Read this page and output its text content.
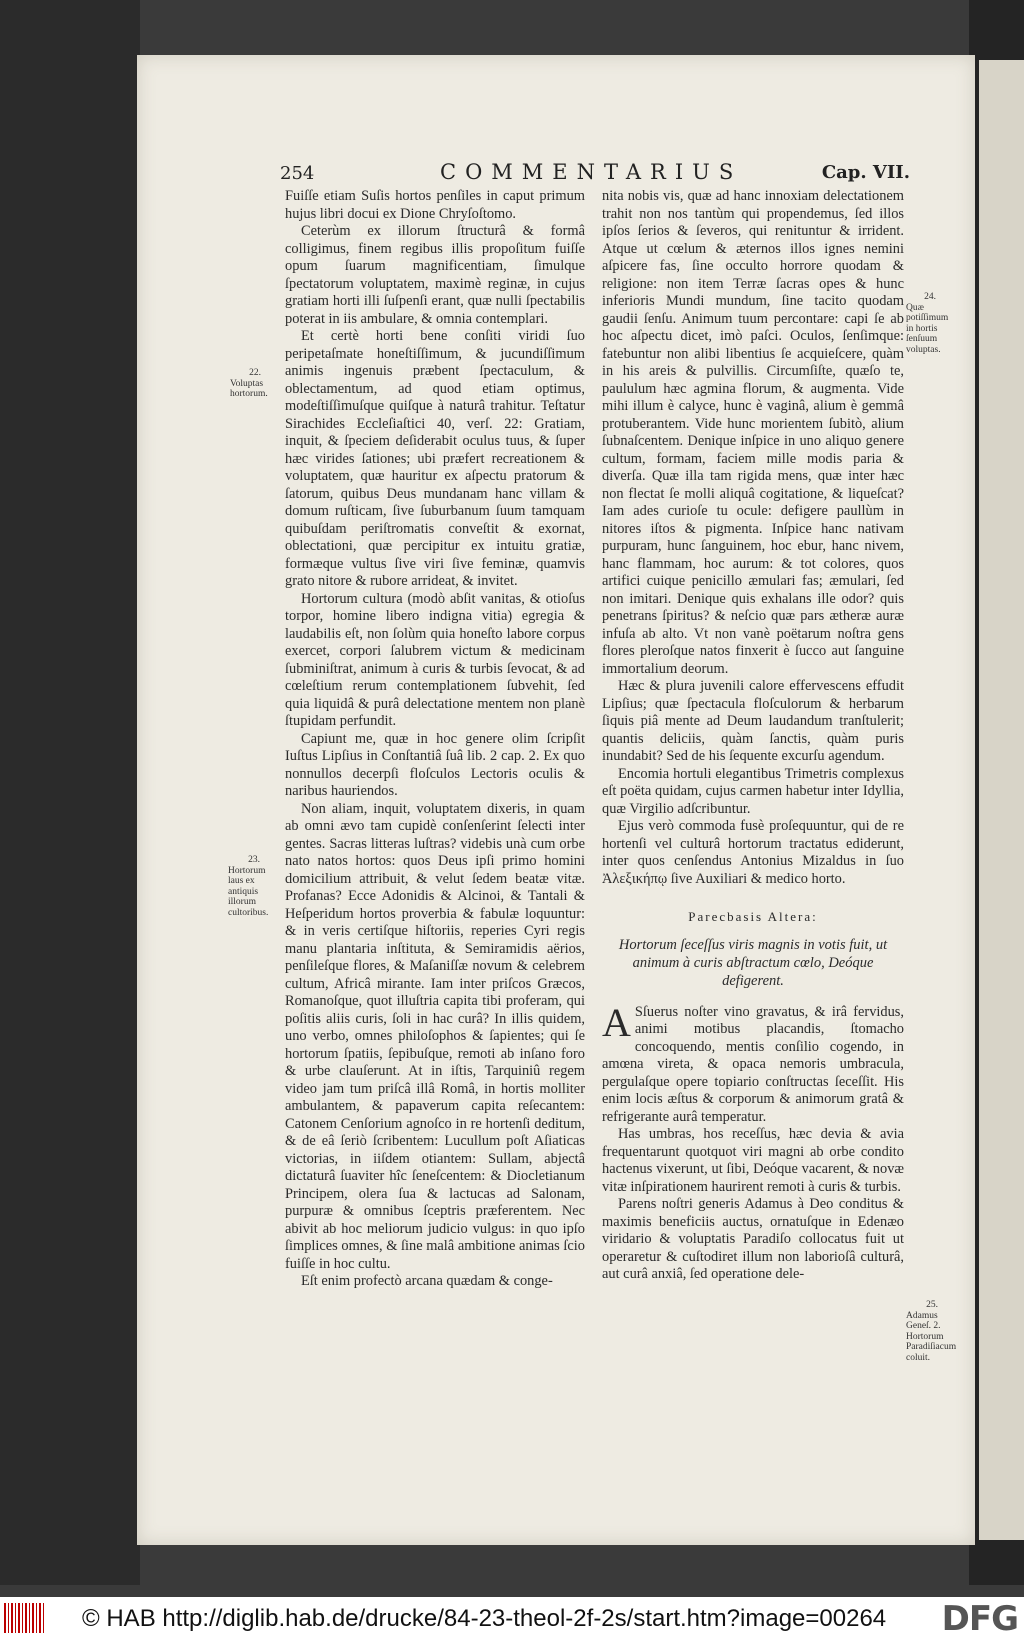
254	COMMENTARIUS	Cap. VII.

Fuiſſe etiam Suſis hortos penſiles in caput primum hujus libri docui ex Dione Chryſoſtomo.

Ceterùm ex illorum ſtructurâ & formâ colligimus, finem regibus illis propoſitum fuiſſe opum ſuarum magnificentiam, ſimulque ſpectatorum voluptatem, maximè reginæ, in cujus gratiam horti illi ſuſpenſi erant, quæ nulli ſpectabilis poterat in iis ambulare, & omnia contemplari.

Et certè horti bene conſiti viridi ſuo peripetaſmate honeſtiſſimum, & jucundiſſimum animis ingenuis præbent ſpectaculum, & oblectamentum, ad quod etiam optimus, modeſtiſſimuſque quiſque à naturâ trahitur. Teſtatur Sirachides Eccleſiaſtici 40, verſ. 22: Gratiam, inquit, & ſpeciem deſiderabit oculus tuus, & ſuper hæc virides ſationes; ubi præfert recreationem & voluptatem, quæ hauritur ex aſpectu pratorum & ſatorum, quibus Deus mundanam hanc villam & domum ruſticam, ſive ſuburbanum ſuum tamquam quibuſdam periſtromatis conveſtit & exornat, oblectationi, quæ percipitur ex intuitu gratiæ, formæque vultus ſive viri ſive feminæ, quamvis grato nitore & rubore arrideat, & invitet.

Hortorum cultura (modò abſit vanitas, & otioſus torpor, homine libero indigna vitia) egregia & laudabilis eſt, non ſolùm quia honeſto labore corpus exercet, corpori ſalubrem victum & medicinam ſubminiſtrat, animum à curis & turbis ſevocat, & ad cœleſtium rerum contemplationem ſubvehit, ſed quia liquidâ & purâ delectatione mentem non planè ſtupidam perfundit.

Capiunt me, quæ in hoc genere olim ſcripſit Iuſtus Lipſius in Conſtantiâ ſuâ lib. 2 cap. 2. Ex quo nonnullos decerpſi floſculos Lectoris oculis & naribus hauriendos.

Non aliam, inquit, voluptatem dixeris, in quam ab omni ævo tam cupidè conſenſerint ſelecti inter gentes. Sacras litteras luſtras? videbis unà cum orbe nato natos hortos: quos Deus ipſi primo homini domicilium attribuit, & velut ſedem beatæ vitæ. Profanas? Ecce Adonidis & Alcinoi, & Tantali & Heſperidum hortos proverbia & fabulæ loquuntur: & in veris certiſque hiſtoriis, reperies Cyri regis manu plantaria inſtituta, & Semiramidis aërios, penſileſque flores, & Maſaniſſæ novum & celebrem cultum, Africâ mirante. Iam inter priſcos Græcos, Romanoſque, quot illuſtria capita tibi proferam, qui poſitis aliis curis, ſoli in hac curâ? In illis quidem, uno verbo, omnes philoſophos & ſapientes; qui ſe hortorum ſpatiis, ſepibuſque, remoti ab inſano foro & urbe clauſerunt. At in iſtis, Tarquiniû regem video jam tum priſcâ illâ Româ, in hortis molliter ambulantem, & papaverum capita reſecantem: Catonem Cenſorium agnoſco in re hortenſi deditum, & de eâ ſeriò ſcribentem: Lucullum poſt Aſiaticas victorias, in iiſdem otiantem: Sullam, abjectâ dictaturâ ſuaviter hîc ſeneſcentem: & Diocletianum Principem, olera ſua & lactucas ad Salonam, purpuræ & omnibus ſceptris præferentem. Nec abivit ab hoc meliorum judicio vulgus: in quo ipſo ſimplices omnes, & ſine malâ ambitione animas ſcio fuiſſe in hoc cultu.

Eſt enim profectò arcana quædam & conge-

nita nobis vis, quæ ad hanc innoxiam delectationem trahit non nos tantùm qui propendemus, ſed illos ipſos ſerios & ſeveros, qui renituntur & irrident. Atque ut cœlum & æternos illos ignes nemini aſpicere fas, ſine occulto horrore quodam & religione: non item Terræ ſacras opes & hunc inferioris Mundi mundum, ſine tacito quodam gaudii ſenſu. Animum tuum percontare: capi ſe ab hoc aſpectu dicet, imò paſci. Oculos, ſenſimque: fatebuntur non alibi libentius ſe acquieſcere, quàm in his areis & pulvillis. Circumſiſte, quæſo te, paululum hæc agmina florum, & augmenta. Vide mihi illum è calyce, hunc è vaginâ, alium è gemmâ protuberantem. Vide hunc morientem ſubitò, alium ſubnaſcentem. Denique inſpice in uno aliquo genere cultum, formam, faciem mille modis paria & diverſa. Quæ illa tam rigida mens, quæ inter hæc non flectat ſe molli aliquâ cogitatione, & liqueſcat? Iam ades curioſe tu ocule: defigere paullùm in nitores iſtos & pigmenta. Inſpice hanc nativam purpuram, hunc ſanguinem, hoc ebur, hanc nivem, hanc flammam, hoc aurum: & tot colores, quos artifici cuique penicillo æmulari fas; æmulari, ſed non imitari. Denique quis exhalans ille odor? quis penetrans ſpiritus? & neſcio quæ pars ætheræ auræ infuſa ab alto. Vt non vanè poëtarum noſtra gens flores pleroſque natos finxerit è ſucco aut ſanguine immortalium deorum.

Hæc & plura juvenili calore effervescens effudit Lipſius; quæ ſpectacula floſculorum & herbarum ſiquis piâ mente ad Deum laudandum tranſtulerit; quantis deliciis, quàm ſanctis, quàm puris inundabit? Sed de his ſequente excurſu agendum.

Encomia hortuli elegantibus Trimetris complexus eſt poëta quidam, cujus carmen habetur inter Idyllia, quæ Virgilio adſcribuntur.

Ejus verò commoda fusè proſequuntur, qui de re hortenſi vel culturâ hortorum tractatus ediderunt, inter quos cenſendus Antonius Mizaldus in ſuo Ἀλεξικήπῳ ſive Auxiliari & medico horto.

Parecbasis Altera:

Hortorum ſeceſſus viris magnis in votis fuit, ut animum à curis abſtractum cœlo, Deóque defigerent.

A Sſuerus noſter vino gravatus, & irâ fervidus, animi motibus placandis, ſtomacho concoquendo, mentis conſilio cogendo, in amœna vireta, & opaca nemoris umbracula, pergulaſque opere topiario conſtructas ſeceſſit. His enim locis æſtus & corporum & animorum gratâ & refrigerante aurâ temperatur.

Has umbras, hos receſſus, hæc devia & avia frequentarunt quotquot viri magni ab orbe condito hactenus vixerunt, ut ſibi, Deóque vacarent, & novæ vitæ inſpirationem haurirent remoti à curis & turbis.

Parens noſtri generis Adamus à Deo conditus & maximis beneficiis auctus, ornatuſque in Edenæo viridario & voluptatis Paradiſo collocatus fuit ut operaretur & cuſtodiret illum non laborioſâ culturâ, aut curâ anxiâ, ſed operatione dele-

22.
Voluptas hortorum.
23.
Hortorum laus ex antiquis illorum cultoribus.
24.
Quæ potiſſimum in hortis ſenſuum voluptas.
25.
Adamus Geneſ. 2. Hortorum Paradiſiacum coluit.
© HAB http://diglib.hab.de/drucke/84-23-theol-2f-2s/start.htm?image=00264 DFG
